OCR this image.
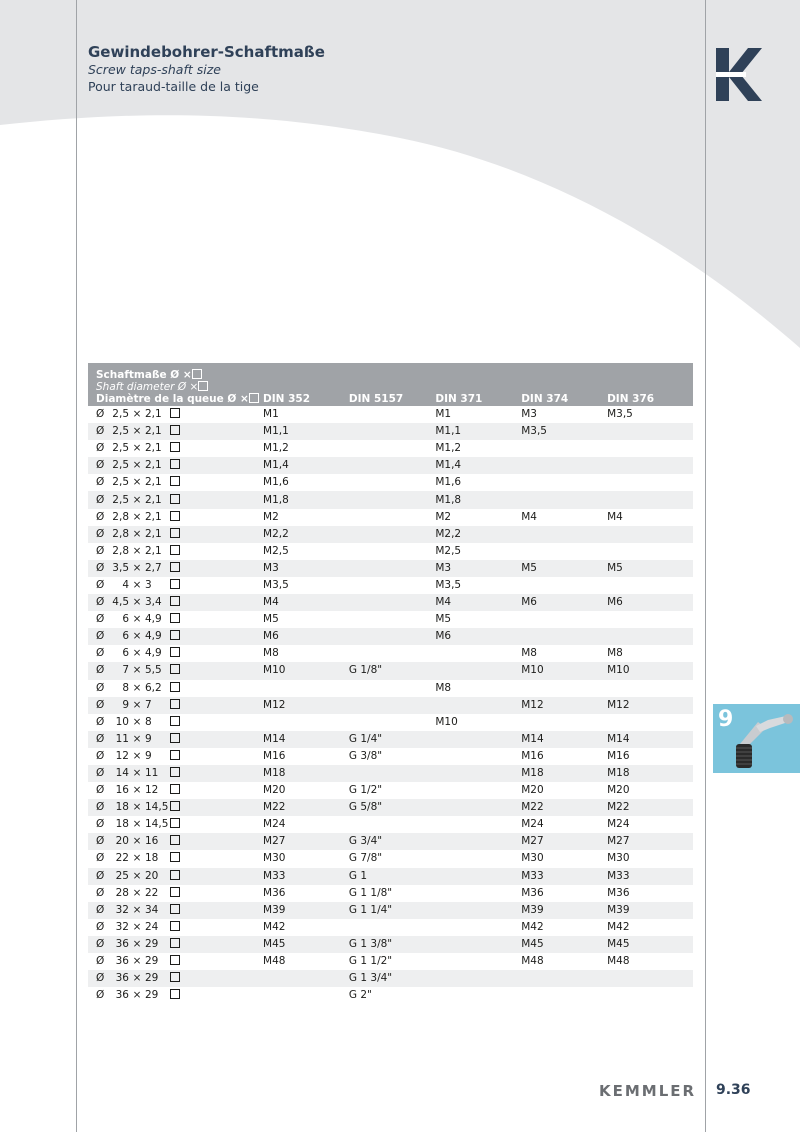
Gewindebohrer-Schaftmaße
Screw taps-shaft size
Pour taraud-taille de la tige
9
Schaftmaße Ø ×
Shaft diameter Ø ×
Diamètre de la queue Ø ×	DIN 352	DIN 5157	DIN 371	DIN 374	DIN 376
Ø 2,5 × 2,1	M1		M1	M3	M3,5
Ø 2,5 × 2,1	M1,1		M1,1	M3,5	
Ø 2,5 × 2,1	M1,2		M1,2		
Ø 2,5 × 2,1	M1,4		M1,4		
Ø 2,5 × 2,1	M1,6		M1,6		
Ø 2,5 × 2,1	M1,8		M1,8		
Ø 2,8 × 2,1	M2		M2	M4	M4
Ø 2,8 × 2,1	M2,2		M2,2		
Ø 2,8 × 2,1	M2,5		M2,5		
Ø 3,5 × 2,7	M3		M3	M5	M5
Ø 4 × 3	M3,5		M3,5		
Ø 4,5 × 3,4	M4		M4	M6	M6
Ø 6 × 4,9	M5		M5		
Ø 6 × 4,9	M6		M6		
Ø 6 × 4,9	M8			M8	M8
Ø 7 × 5,5	M10	G 1/8"		M10	M10
Ø 8 × 6,2			M8		
Ø 9 × 7	M12			M12	M12
Ø 10 × 8			M10		
Ø 11 × 9	M14	G 1/4"		M14	M14
Ø 12 × 9	M16	G 3/8"		M16	M16
Ø 14 × 11	M18			M18	M18
Ø 16 × 12	M20	G 1/2"		M20	M20
Ø 18 × 14,5	M22	G 5/8"		M22	M22
Ø 18 × 14,5	M24			M24	M24
Ø 20 × 16	M27	G 3/4"		M27	M27
Ø 22 × 18	M30	G 7/8"		M30	M30
Ø 25 × 20	M33	G 1		M33	M33
Ø 28 × 22	M36	G 1 1/8"		M36	M36
Ø 32 × 34	M39	G 1 1/4"		M39	M39
Ø 32 × 24	M42			M42	M42
Ø 36 × 29	M45	G 1 3/8"		M45	M45
Ø 36 × 29	M48	G 1 1/2"		M48	M48
Ø 36 × 29		G 1 3/4"			
Ø 36 × 29		G 2"			
KEMMLER 9.36
